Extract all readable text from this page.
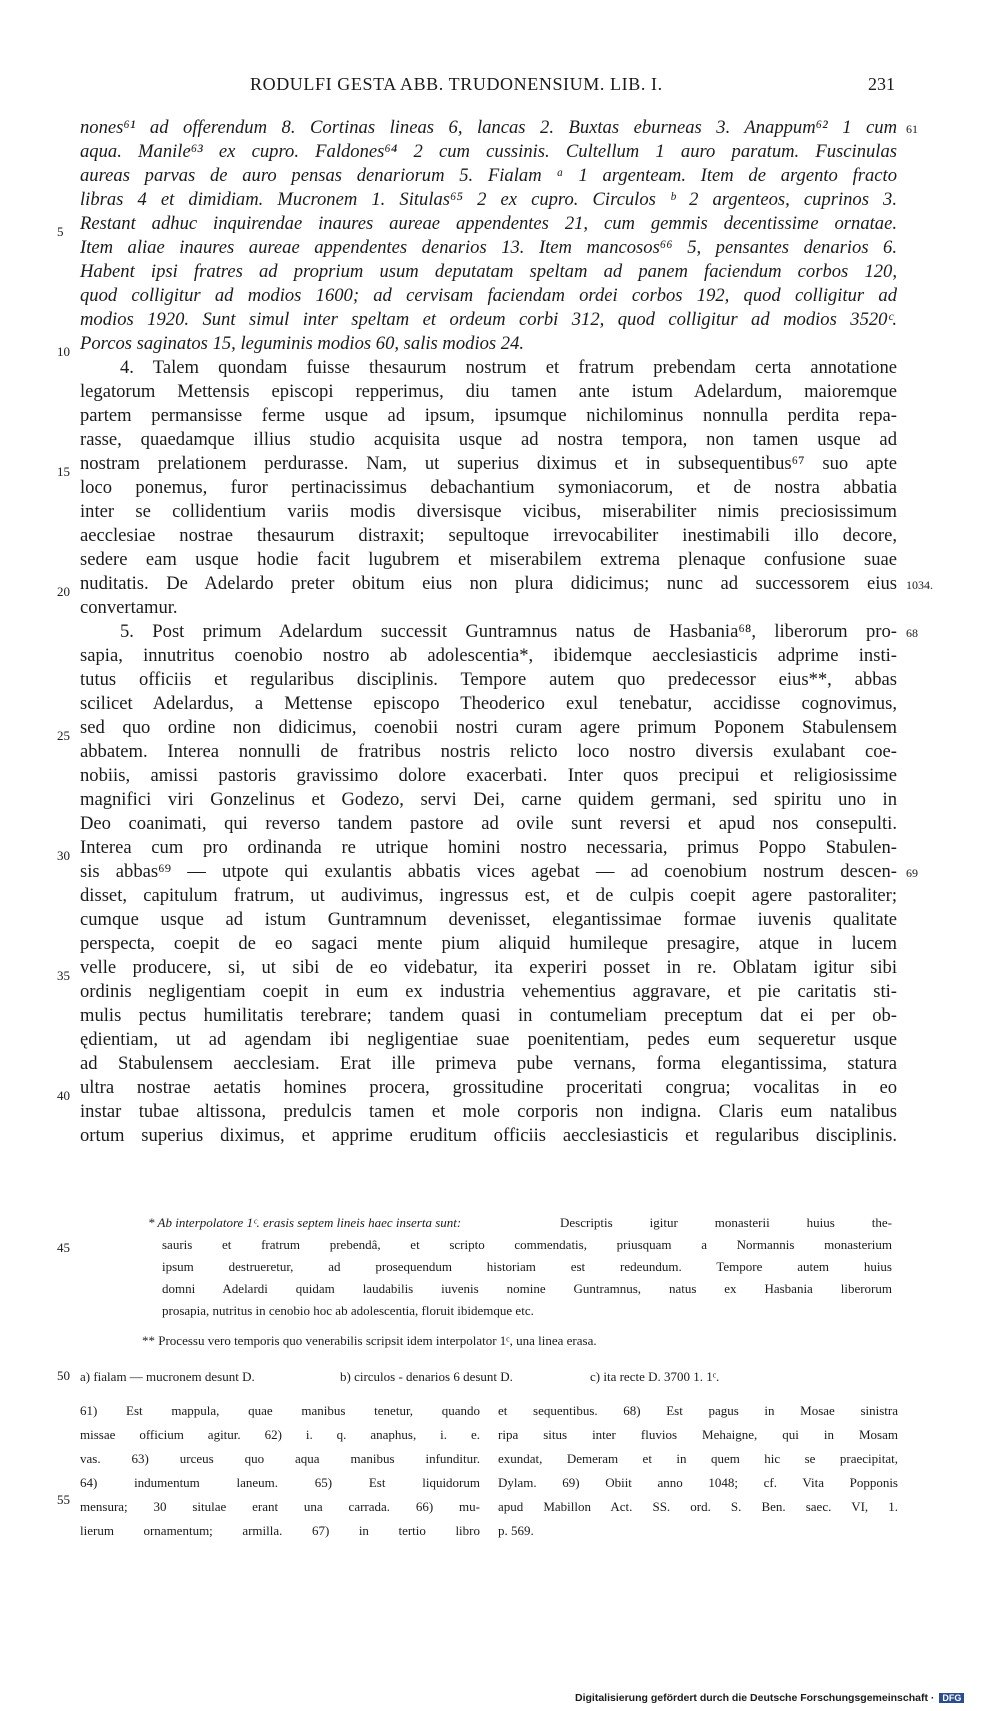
RODULFI GESTA ABB. TRUDONENSIUM. LIB. I.	231
nones⁶¹ ad offerendum 8. Cortinas lineas 6, lancas 2. Buxtas eburneas 3. Anappum⁶² 1 cum
aqua. Manile⁶³ ex cupro. Faldones⁶⁴ 2 cum cussinis. Cultellum 1 auro paratum. Fuscinulas
aureas parvas de auro pensas denariorum 5. Fialam ᵃ 1 argenteam. Item de argento fracto
libras 4 et dimidiam. Mucronem 1. Situlas⁶⁵ 2 ex cupro. Circulos ᵇ 2 argenteos, cuprinos 3.
Restant adhuc inquirendae inaures aureae appendentes 21, cum gemmis decentissime ornatae.
Item aliae inaures aureae appendentes denarios 13. Item mancosos⁶⁶ 5, pensantes denarios 6.
Habent ipsi fratres ad proprium usum deputatam speltam ad panem faciendum corbos 120,
quod colligitur ad modios 1600; ad cervisam faciendam ordei corbos 192, quod colligitur ad
modios 1920. Sunt simul inter speltam et ordeum corbi 312, quod colligitur ad modios 3520ᶜ.
Porcos saginatos 15, leguminis modios 60, salis modios 24.
4. Talem quondam fuisse thesaurum nostrum et fratrum prebendam certa annotatione
legatorum Mettensis episcopi repperimus, diu tamen ante istum Adelardum, maioremque
partem permansisse ferme usque ad ipsum, ipsumque nichilominus nonnulla perdita repa-
rasse, quaedamque illius studio acquisita usque ad nostra tempora, non tamen usque ad
nostram prelationem perdurasse. Nam, ut superius diximus et in subsequentibus⁶⁷ suo apte
loco ponemus, furor pertinacissimus debachantium symoniacorum, et de nostra abbatia
inter se collidentium variis modis diversisque vicibus, miserabiliter nimis preciosissimum
aecclesiae nostrae thesaurum distraxit; sepultoque irrevocabiliter inestimabili illo decore,
sedere eam usque hodie facit lugubrem et miserabilem extrema plenaque confusione suae
nuditatis. De Adelardo preter obitum eius non plura didicimus; nunc ad successorem eius
convertamur.
5. Post primum Adelardum successit Guntramnus natus de Hasbania⁶⁸, liberorum pro-
sapia, innutritus coenobio nostro ab adolescentia*, ibidemque aecclesiasticis adprime insti-
tutus officiis et regularibus disciplinis. Tempore autem quo predecessor eius**, abbas
scilicet Adelardus, a Mettense episcopo Theoderico exul tenebatur, accidisse cognovimus,
sed quo ordine non didicimus, coenobii nostri curam agere primum Poponem Stabulensem
abbatem. Interea nonnulli de fratribus nostris relicto loco nostro diversis exulabant coe-
nobiis, amissi pastoris gravissimo dolore exacerbati. Inter quos precipui et religiosissime
magnifici viri Gonzelinus et Godezo, servi Dei, carne quidem germani, sed spiritu uno in
Deo coanimati, qui reverso tandem pastore ad ovile sunt reversi et apud nos consepulti.
Interea cum pro ordinanda re utrique homini nostro necessaria, primus Poppo Stabulen-
sis abbas⁶⁹ — utpote qui exulantis abbatis vices agebat — ad coenobium nostrum descen-
disset, capitulum fratrum, ut audivimus, ingressus est, et de culpis coepit agere pastoraliter;
cumque usque ad istum Guntramnum devenisset, elegantissimae formae iuvenis qualitate
perspecta, coepit de eo sagaci mente pium aliquid humileque presagire, atque in lucem
velle producere, si, ut sibi de eo videbatur, ita experiri posset in re. Oblatam igitur sibi
ordinis negligentiam coepit in eum ex industria vehementius aggravare, et pie caritatis sti-
mulis pectus humilitatis terebrare; tandem quasi in contumeliam preceptum dat ei per ob-
ędientiam, ut ad agendam ibi negligentiae suae poenitentiam, pedes eum sequeretur usque
ad Stabulensem aecclesiam. Erat ille primeva pube vernans, forma elegantissima, statura
ultra nostrae aetatis homines procera, grossitudine proceritati congrua; vocalitas in eo
instar tubae altissona, predulcis tamen et mole corporis non indigna. Claris eum natalibus
ortum superius diximus, et apprime eruditum officiis aecclesiasticis et regularibus disciplinis.
5
10
15
20
25
30
35
40
45
50
55
61
1034.
68
69
* Ab interpolatore 1ᶜ. erasis septem lineis haec inserta sunt:	Descriptis igitur monasterii huius the-
sauris et fratrum prebendâ, et scripto commendatis, priusquam a Normannis monasterium
ipsum destrueretur, ad prosequendum historiam est redeundum. Tempore autem huius
domni Adelardi quidam laudabilis iuvenis nomine Guntramnus, natus ex Hasbania liberorum
prosapia, nutritus in cenobio hoc ab adolescentia, floruit ibidemque etc.
** Processu vero temporis quo venerabilis scripsit idem interpolator 1ᶜ, una linea erasa.
a) fialam — mucronem desunt D.	b) circulos - denarios 6 desunt D.	c) ita recte D. 3700 1. 1ᶜ.
61) Est mappula, quae manibus tenetur, quando
missae officium agitur. 62) i. q. anaphus, i. e.
vas. 63) urceus quo aqua manibus infunditur.
64) indumentum laneum. 65) Est liquidorum
mensura; 30 situlae erant una carrada. 66) mu-
lierum ornamentum; armilla. 67) in tertio libro
et sequentibus. 68) Est pagus in Mosae sinistra
ripa situs inter fluvios Mehaigne, qui in Mosam
exundat, Demeram et in quem hic se praecipitat,
Dylam. 69) Obiit anno 1048; cf. Vita Popponis
apud Mabillon Act. SS. ord. S. Ben. saec. VI, 1.
p. 569.
Digitalisierung gefördert durch die Deutsche Forschungsgemeinschaft · DFG
